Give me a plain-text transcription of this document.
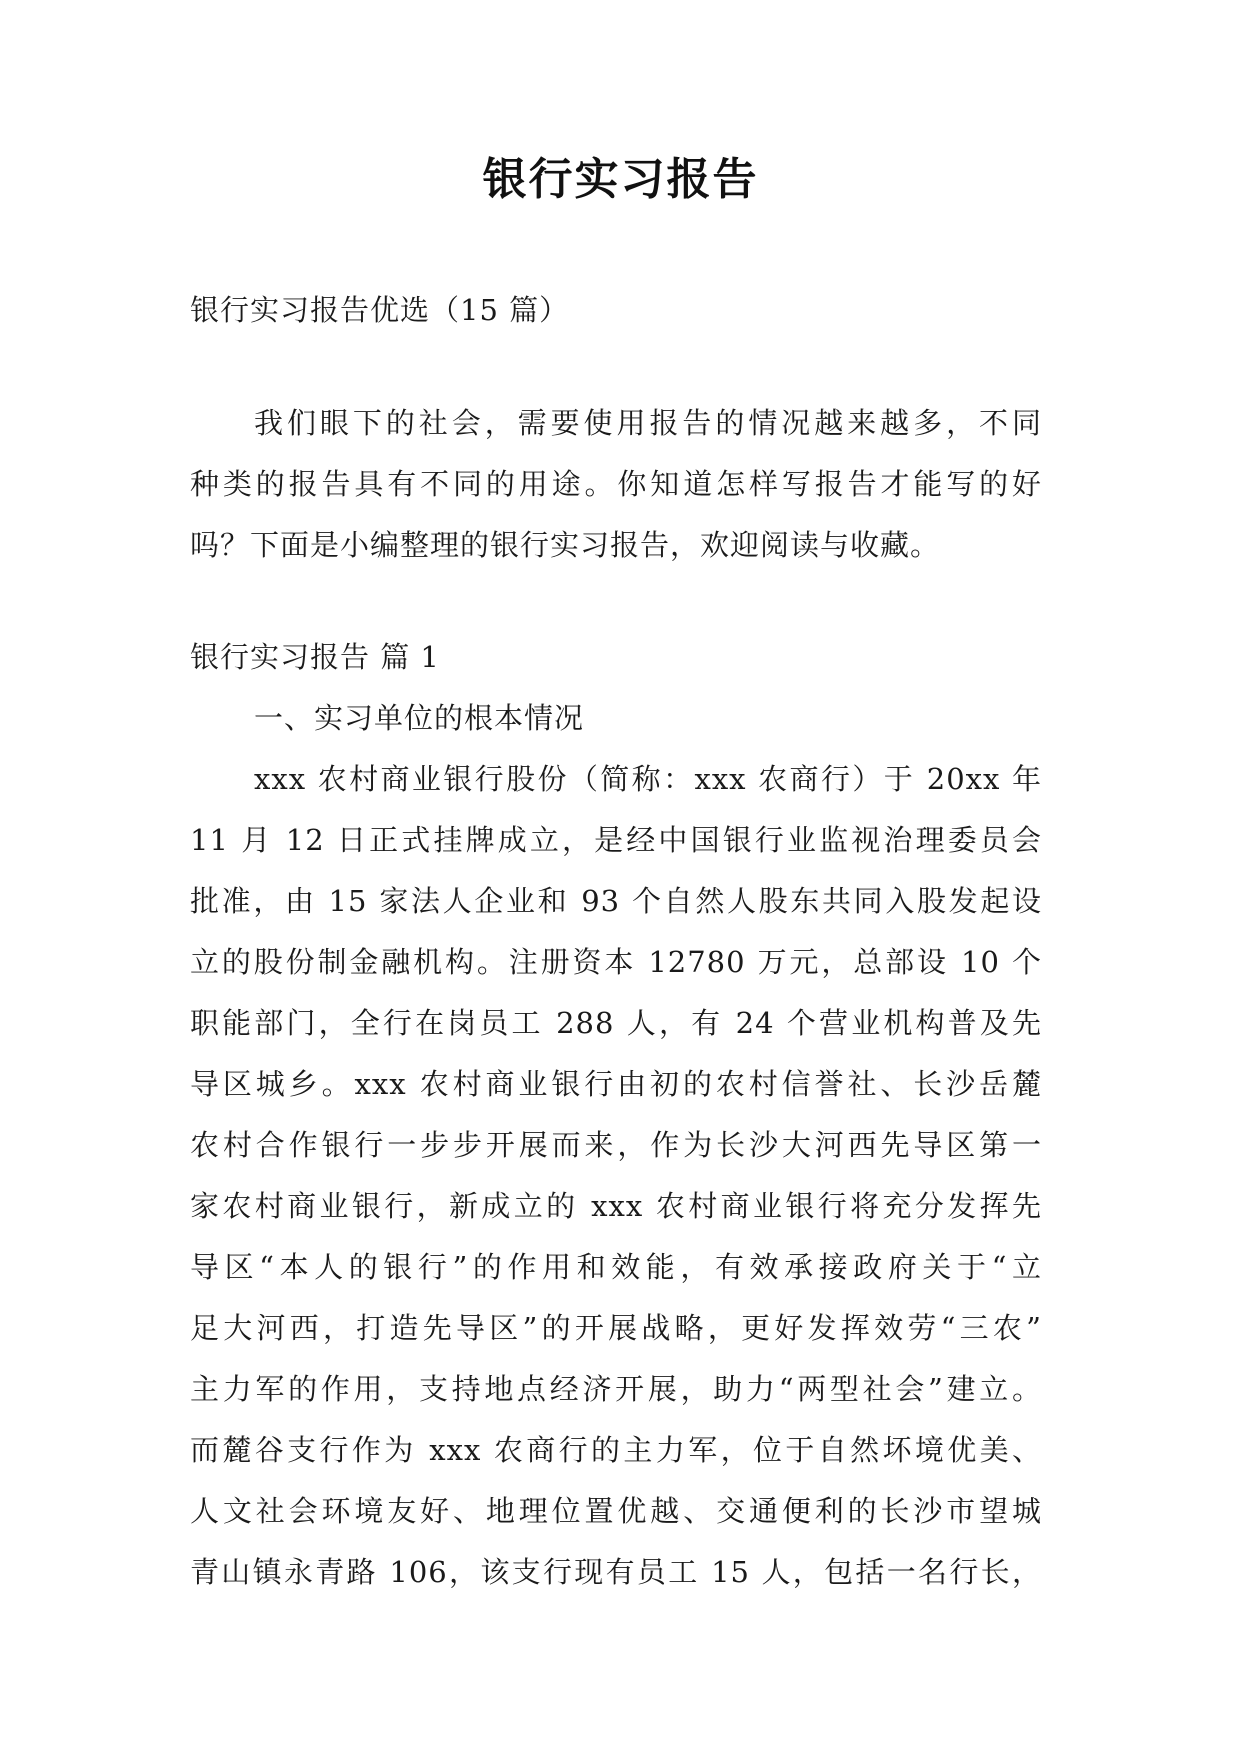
银行实习报告
银行实习报告优选（15 篇）
我们眼下的社会，需要使用报告的情况越来越多，不同
种类的报告具有不同的用途。你知道怎样写报告才能写的好
吗？下面是小编整理的银行实习报告，欢迎阅读与收藏。
银行实习报告 篇 1
一、实习单位的根本情况
xxx 农村商业银行股份（简称：xxx 农商行）于 20xx 年
11 月 12 日正式挂牌成立，是经中国银行业监视治理委员会
批准，由 15 家法人企业和 93 个自然人股东共同入股发起设
立的股份制金融机构。注册资本 12780 万元，总部设 10 个
职能部门，全行在岗员工 288 人，有 24 个营业机构普及先
导区城乡。xxx 农村商业银行由初的农村信誉社、长沙岳麓
农村合作银行一步步开展而来，作为长沙大河西先导区第一
家农村商业银行，新成立的 xxx 农村商业银行将充分发挥先
导区“本人的银行”的作用和效能，有效承接政府关于“立
足大河西，打造先导区”的开展战略，更好发挥效劳“三农”
主力军的作用，支持地点经济开展，助力“两型社会”建立。
而麓谷支行作为 xxx 农商行的主力军，位于自然坏境优美、
人文社会环境友好、地理位置优越、交通便利的长沙市望城
青山镇永青路 106，该支行现有员工 15 人，包括一名行长，
